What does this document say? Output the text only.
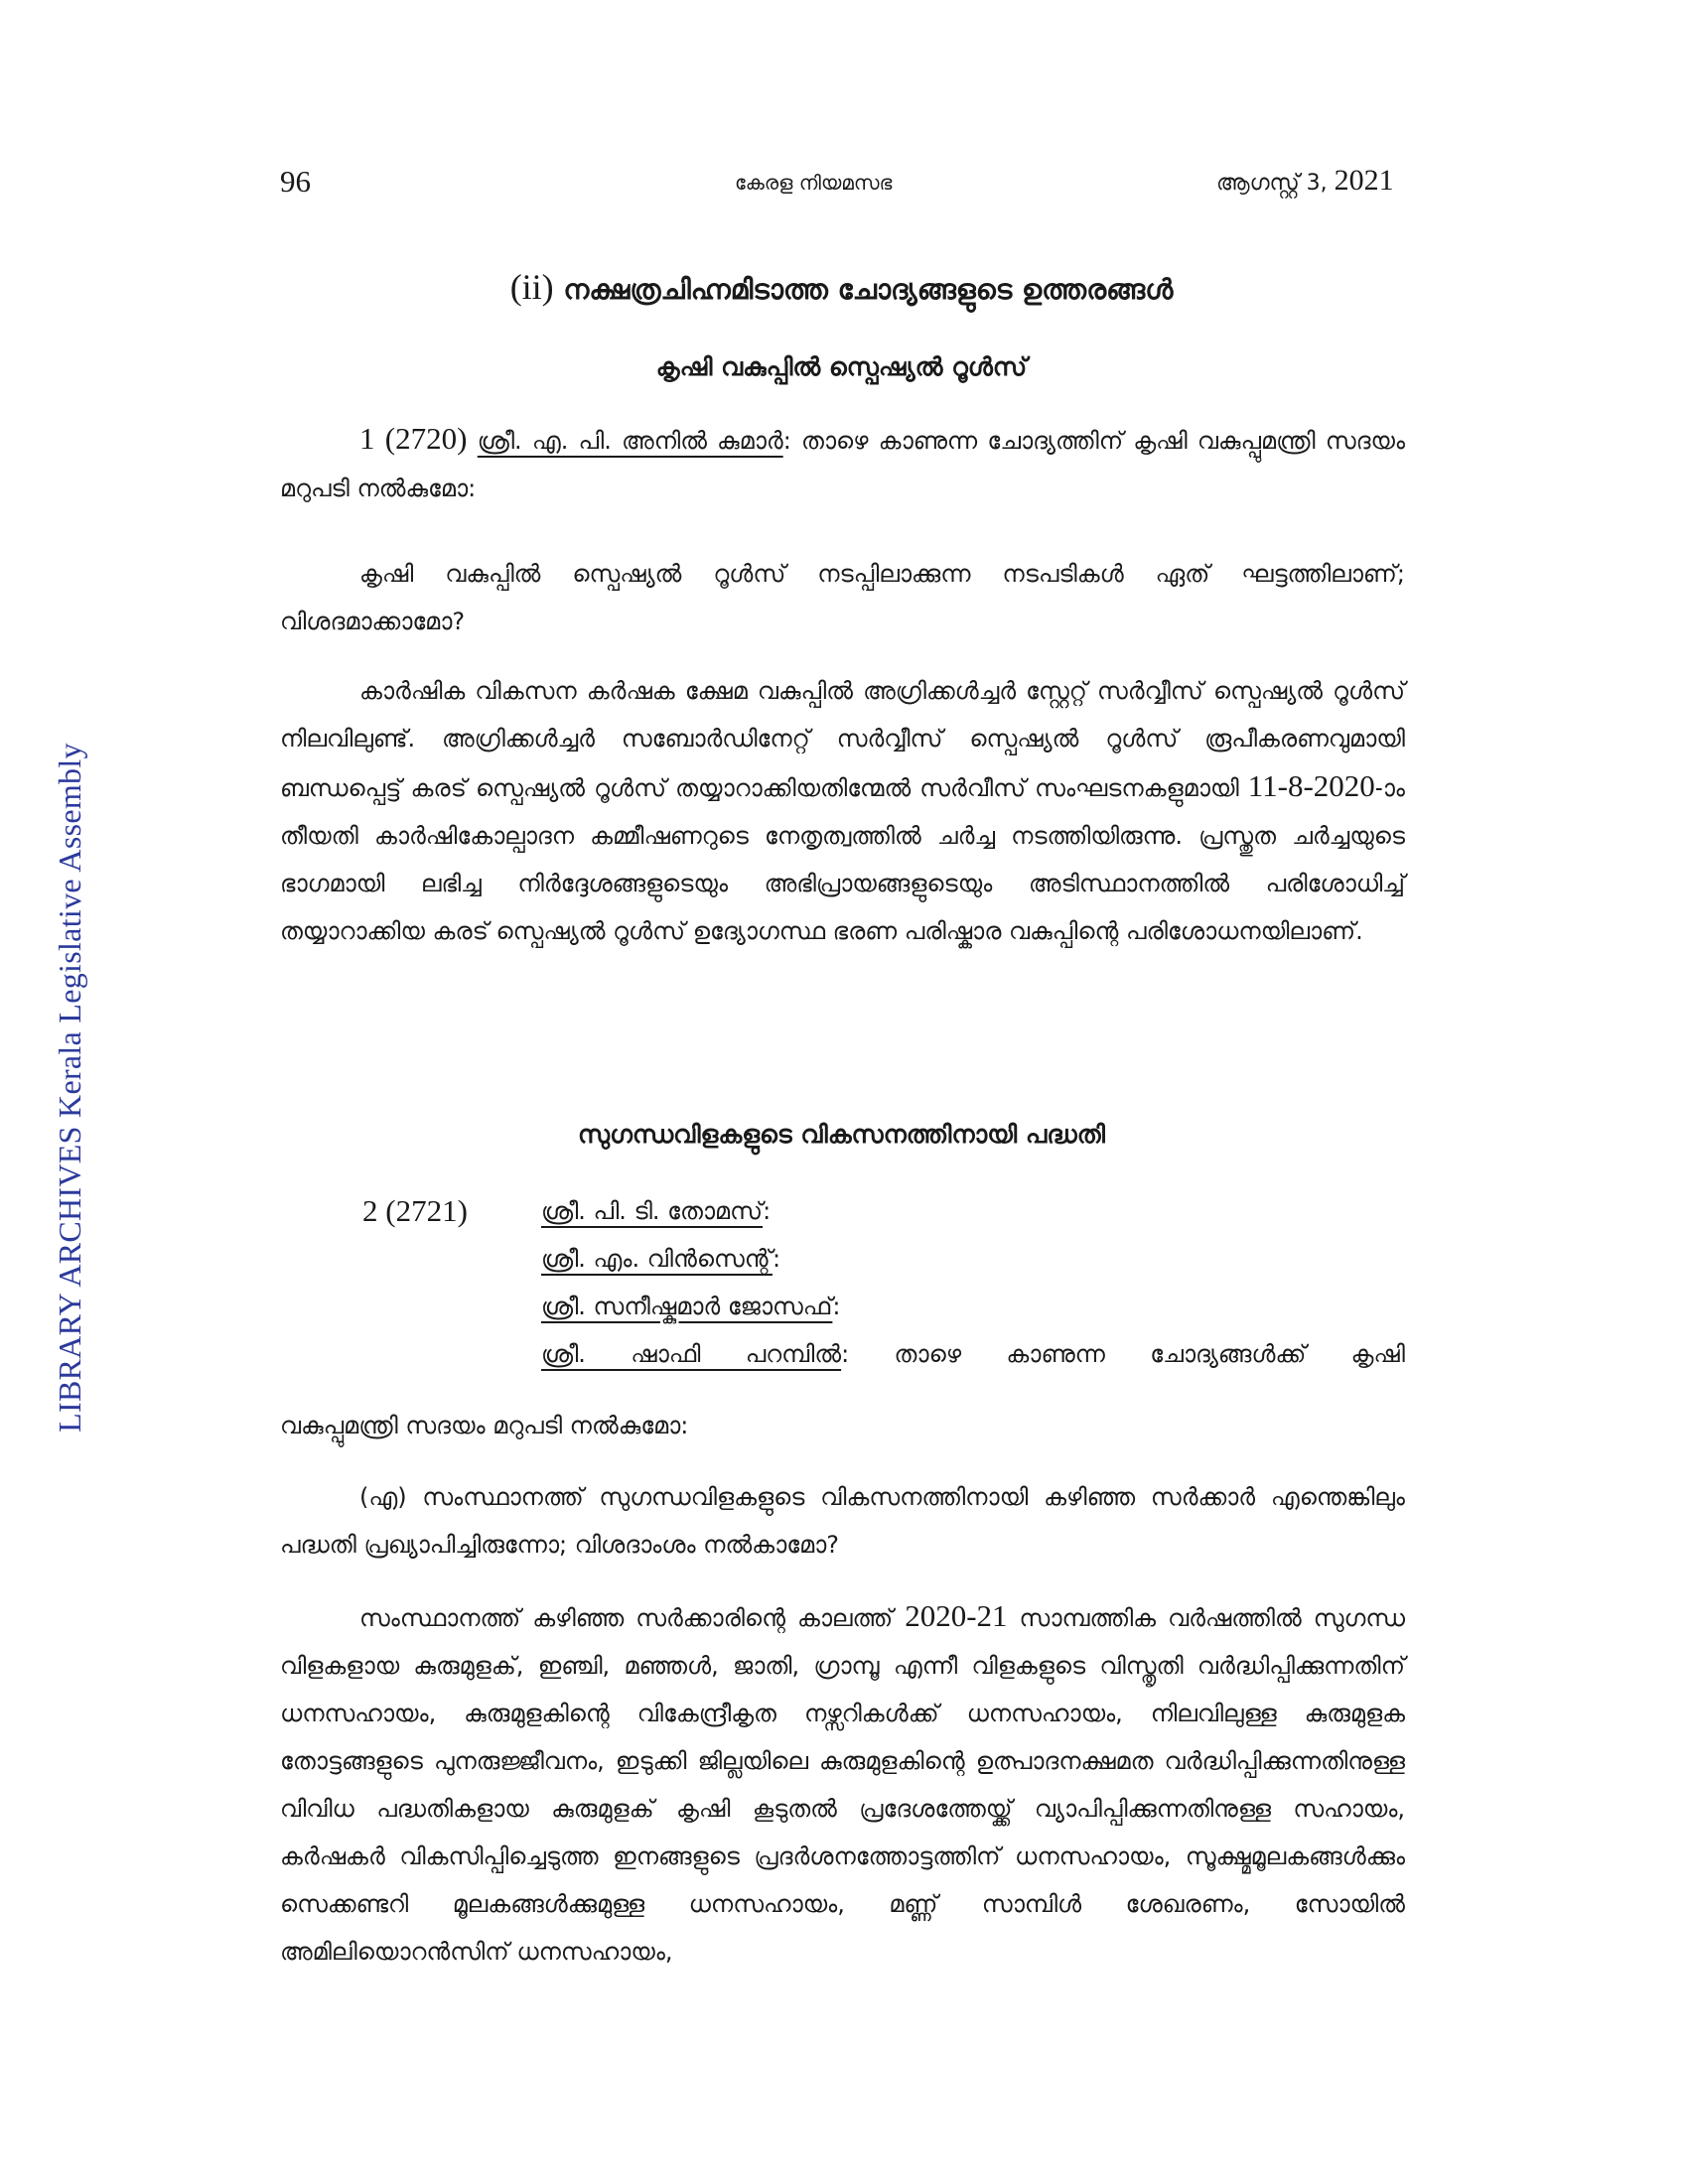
LIBRARY ARCHIVES Kerala Legislative Assembly
96	കേരള നിയമസഭ	ആഗസ്റ്റ് 3, 2021
(ii) നക്ഷത്രചിഹ്നമിടാത്ത ചോദ്യങ്ങളുടെ ഉത്തരങ്ങൾ
കൃഷി വകുപ്പിൽ സ്പെഷ്യൽ റൂൾസ്

1 (2720) ശ്രീ. എ. പി. അനിൽ കുമാർ: താഴെ കാണുന്ന ചോദ്യത്തിന് കൃഷി വകുപ്പുമന്ത്രി സദയം മറുപടി നൽകുമോ:

കൃഷി വകുപ്പിൽ സ്പെഷ്യൽ റൂൾസ് നടപ്പിലാക്കുന്ന നടപടികൾ ഏത് ഘട്ടത്തിലാണ്; വിശദമാക്കാമോ?

കാർഷിക വികസന കർഷക ക്ഷേമ വകുപ്പിൽ അഗ്രിക്കൾച്ചർ സ്റ്റേറ്റ് സർവ്വീസ് സ്പെഷ്യൽ റൂൾസ് നിലവിലുണ്ട്. അഗ്രിക്കൾച്ചർ സബോർഡിനേറ്റ് സർവ്വീസ് സ്പെഷ്യൽ റൂൾസ് രൂപീകരണവുമായി ബന്ധപ്പെട്ട് കരട് സ്പെഷ്യൽ റൂൾസ് തയ്യാറാക്കിയതിന്മേൽ സർവീസ് സംഘടനകളുമായി 11-8-2020-ാം തീയതി കാർഷികോല്പാദന കമ്മീഷണറുടെ നേതൃത്വത്തിൽ ചർച്ച നടത്തിയിരുന്നു. പ്രസ്തുത ചർച്ചയുടെ ഭാഗമായി ലഭിച്ച നിർദ്ദേശങ്ങളുടെയും അഭിപ്രായങ്ങളുടെയും അടിസ്ഥാനത്തിൽ പരിശോധിച്ച് തയ്യാറാക്കിയ കരട് സ്പെഷ്യൽ റൂൾസ് ഉദ്യോഗസ്ഥ ഭരണ പരിഷ്കാര വകുപ്പിന്റെ പരിശോധനയിലാണ്.

സുഗന്ധവിളകളുടെ വികസനത്തിനായി പദ്ധതി
2 (2721)	ശ്രീ. പി. ടി. തോമസ്:
ശ്രീ. എം. വിൻസെന്റ്:
ശ്രീ. സനീഷ്കുമാർ ജോസഫ്:
ശ്രീ. ഷാഫി പറമ്പിൽ: താഴെ കാണുന്ന ചോദ്യങ്ങൾക്ക് കൃഷി

വകുപ്പുമന്ത്രി സദയം മറുപടി നൽകുമോ:

(എ) സംസ്ഥാനത്ത് സുഗന്ധവിളകളുടെ വികസനത്തിനായി കഴിഞ്ഞ സർക്കാർ എന്തെങ്കിലും പദ്ധതി പ്രഖ്യാപിച്ചിരുന്നോ; വിശദാംശം നൽകാമോ?

സംസ്ഥാനത്ത് കഴിഞ്ഞ സർക്കാരിന്റെ കാലത്ത് 2020-21 സാമ്പത്തിക വർഷത്തിൽ സുഗന്ധ വിളകളായ കുരുമുളക്, ഇഞ്ചി, മഞ്ഞൾ, ജാതി, ഗ്രാമ്പൂ എന്നീ വിളകളുടെ വിസ്തൃതി വർദ്ധിപ്പിക്കുന്നതിന് ധനസഹായം, കുരുമുളകിന്റെ വികേന്ദ്രീകൃത നഴ്സറികൾക്ക് ധനസഹായം, നിലവിലുള്ള കുരുമുളക തോട്ടങ്ങളുടെ പുനരുജ്ജീവനം, ഇടുക്കി ജില്ലയിലെ കുരുമുളകിന്റെ ഉത്പാദനക്ഷമത വർദ്ധിപ്പിക്കുന്നതിനുള്ള വിവിധ പദ്ധതികളായ കുരുമുളക് കൃഷി കൂടുതൽ പ്രദേശത്തേയ്ക്ക് വ്യാപിപ്പിക്കുന്നതിനുള്ള സഹായം, കർഷകർ വികസിപ്പിച്ചെടുത്ത ഇനങ്ങളുടെ പ്രദർശനത്തോട്ടത്തിന് ധനസഹായം, സൂക്ഷ്മമൂലകങ്ങൾക്കും സെക്കണ്ടറി മൂലകങ്ങൾക്കുമുള്ള ധനസഹായം, മണ്ണ് സാമ്പിൾ ശേഖരണം, സോയിൽ അമിലിയൊറൻസിന് ധനസഹായം,
